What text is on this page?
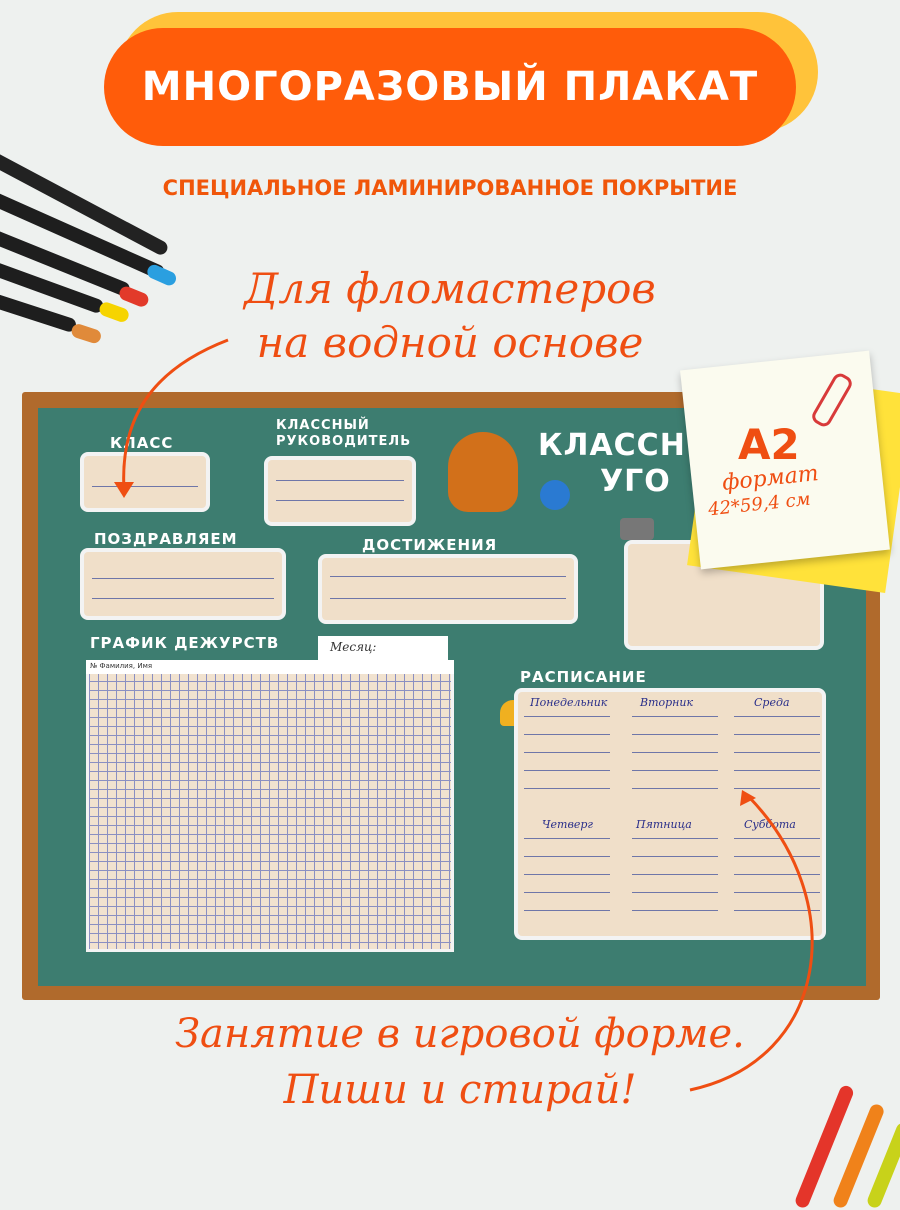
МНОГОРАЗОВЫЙ ПЛАКАТ
СПЕЦИАЛЬНОЕ ЛАМИНИРОВАННОЕ ПОКРЫТИЕ
Для фломастеров
на водной основе
КЛАССН
УГО
КЛАСС
КЛАССНЫЙ
РУКОВОДИТЕЛЬ
ПОЗДРАВЛЯЕМ	ДОСТИЖЕНИЯ
ГРАФИК ДЕЖУРСТВ	Месяц:
№ Фамилия, Имя
РАСПИСАНИЕ
Понедельник	Вторник	Среда
Четверг	Пятница	Суббота
А2
формат
42*59,4 см
Занятие в игровой форме.
Пиши и стирай!
